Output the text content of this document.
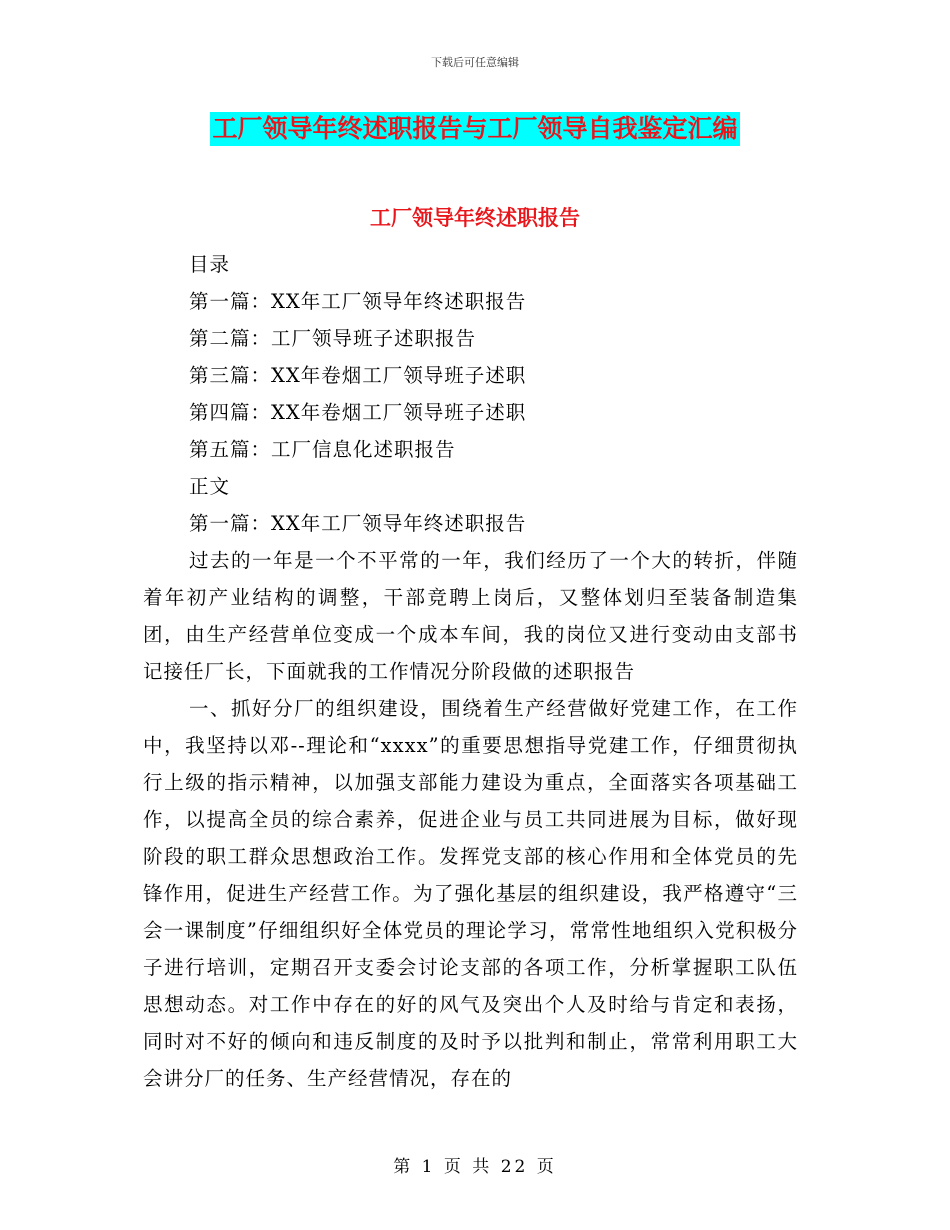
下载后可任意编辑
工厂领导年终述职报告与工厂领导自我鉴定汇编
工厂领导年终述职报告
目录
第一篇：XX年工厂领导年终述职报告
第二篇：工厂领导班子述职报告
第三篇：XX年卷烟工厂领导班子述职
第四篇：XX年卷烟工厂领导班子述职
第五篇：工厂信息化述职报告
正文
第一篇：XX年工厂领导年终述职报告
过去的一年是一个不平常的一年，我们经历了一个大的转折，伴随着年初产业结构的调整，干部竞聘上岗后，又整体划归至装备制造集团，由生产经营单位变成一个成本车间，我的岗位又进行变动由支部书记接任厂长，下面就我的工作情况分阶段做的述职报告
一、抓好分厂的组织建设，围绕着生产经营做好党建工作，在工作中，我坚持以邓--理论和“xxxx”的重要思想指导党建工作，仔细贯彻执行上级的指示精神，以加强支部能力建设为重点，全面落实各项基础工作，以提高全员的综合素养，促进企业与员工共同进展为目标，做好现阶段的职工群众思想政治工作。发挥党支部的核心作用和全体党员的先锋作用，促进生产经营工作。为了强化基层的组织建设，我严格遵守“三会一课制度”仔细组织好全体党员的理论学习，常常性地组织入党积极分子进行培训，定期召开支委会讨论支部的各项工作，分析掌握职工队伍思想动态。对工作中存在的好的风气及突出个人及时给与肯定和表扬，同时对不好的倾向和违反制度的及时予以批判和制止，常常利用职工大会讲分厂的任务、生产经营情况，存在的
第 1 页 共 22 页
